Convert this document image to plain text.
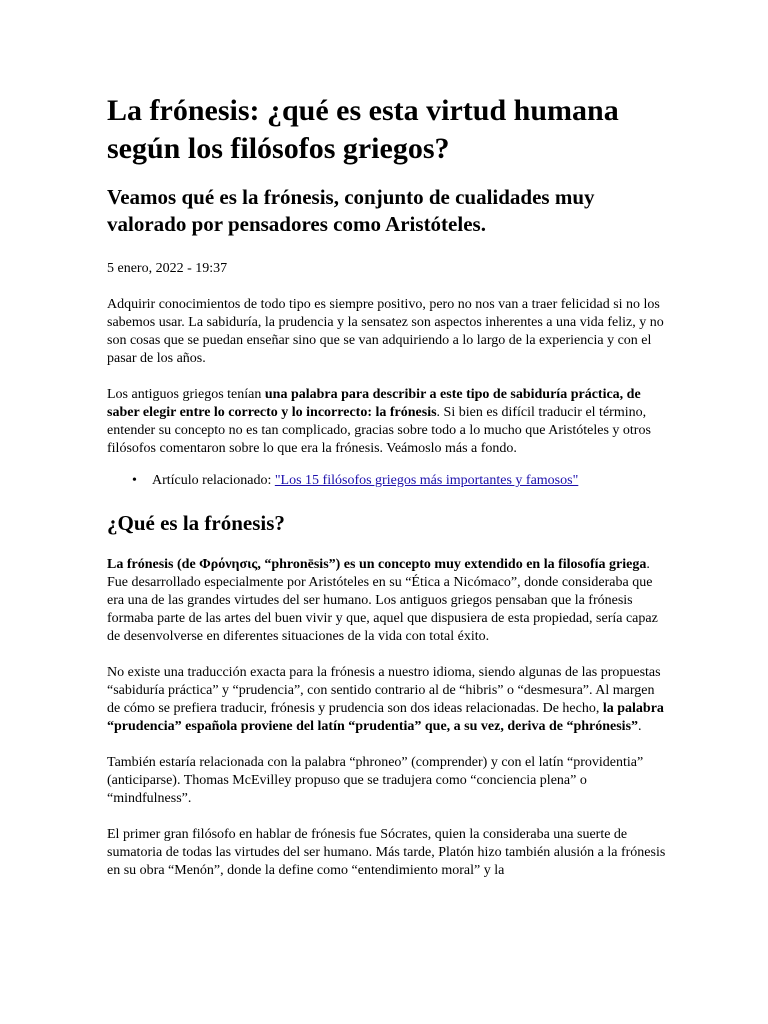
La frónesis: ¿qué es esta virtud humana según los filósofos griegos?
Veamos qué es la frónesis, conjunto de cualidades muy valorado por pensadores como Aristóteles.
5 enero, 2022 - 19:37

Adquirir conocimientos de todo tipo es siempre positivo, pero no nos van a traer felicidad si no los sabemos usar. La sabiduría, la prudencia y la sensatez son aspectos inherentes a una vida feliz, y no son cosas que se puedan enseñar sino que se van adquiriendo a lo largo de la experiencia y con el pasar de los años.

Los antiguos griegos tenían una palabra para describir a este tipo de sabiduría práctica, de saber elegir entre lo correcto y lo incorrecto: la frónesis. Si bien es difícil traducir el término, entender su concepto no es tan complicado, gracias sobre todo a lo mucho que Aristóteles y otros filósofos comentaron sobre lo que era la frónesis. Veámoslo más a fondo.

• Artículo relacionado: "Los 15 filósofos griegos más importantes y famosos"
¿Qué es la frónesis?

La frónesis (de Φρόνησις, “phronēsis”) es un concepto muy extendido en la filosofía griega. Fue desarrollado especialmente por Aristóteles en su “Ética a Nicómaco”, donde consideraba que era una de las grandes virtudes del ser humano. Los antiguos griegos pensaban que la frónesis formaba parte de las artes del buen vivir y que, aquel que dispusiera de esta propiedad, sería capaz de desenvolverse en diferentes situaciones de la vida con total éxito.

No existe una traducción exacta para la frónesis a nuestro idioma, siendo algunas de las propuestas “sabiduría práctica” y “prudencia”, con sentido contrario al de “hibris” o “desmesura”. Al margen de cómo se prefiera traducir, frónesis y prudencia son dos ideas relacionadas. De hecho, la palabra “prudencia” española proviene del latín “prudentia” que, a su vez, deriva de “phrónesis”.

También estaría relacionada con la palabra “phroneo” (comprender) y con el latín “providentia” (anticiparse). Thomas McEvilley propuso que se tradujera como “conciencia plena” o “mindfulness”.

El primer gran filósofo en hablar de frónesis fue Sócrates, quien la consideraba una suerte de sumatoria de todas las virtudes del ser humano. Más tarde, Platón hizo también alusión a la frónesis en su obra “Menón”, donde la define como “entendimiento moral” y la
